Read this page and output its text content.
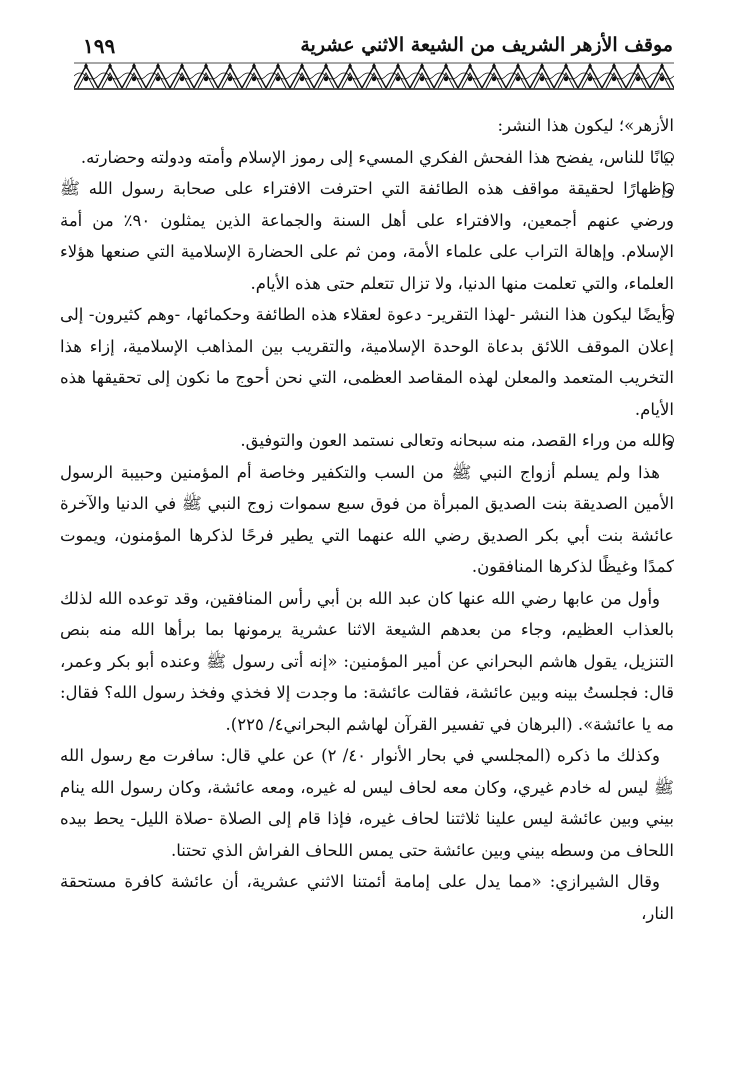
موقف الأزهر الشريف من الشيعة الاثني عشرية
١٩٩

الأزهر»؛ ليكون هذا النشر:

بيانًا للناس، يفضح هذا الفحش الفكري المسيء إلى رموز الإسلام وأمته ودولته وحضارته.

وإظهارًا لحقيقة مواقف هذه الطائفة التي احترفت الافتراء على صحابة رسول الله ﷺ ورضي عنهم أجمعين، والافتراء على أهل السنة والجماعة الذين يمثلون ٩٠٪ من أمة الإسلام. وإهالة التراب على علماء الأمة، ومن ثم على الحضارة الإسلامية التي صنعها هؤلاء العلماء، والتي تعلمت منها الدنيا، ولا تزال تتعلم حتى هذه الأيام.

وأيضًا ليكون هذا النشر -لهذا التقرير- دعوة لعقلاء هذه الطائفة وحكمائها، -وهم كثيرون- إلى إعلان الموقف اللائق بدعاة الوحدة الإسلامية، والتقريب بين المذاهب الإسلامية، إزاء هذا التخريب المتعمد والمعلن لهذه المقاصد العظمى، التي نحن أحوج ما نكون إلى تحقيقها هذه الأيام.

والله من وراء القصد، منه سبحانه وتعالى نستمد العون والتوفيق.

هذا ولم يسلم أزواج النبي ﷺ من السب والتكفير وخاصة أم المؤمنين وحبيبة الرسول الأمين الصديقة بنت الصديق المبرأة من فوق سبع سموات زوج النبي ﷺ في الدنيا والآخرة عائشة بنت أبي بكر الصديق رضي الله عنهما التي يطير فرحًا لذكرها المؤمنون، ويموت كمدًا وغيظًا لذكرها المنافقون.

وأول من عابها رضي الله عنها كان عبد الله بن أبي رأس المنافقين، وقد توعده الله لذلك بالعذاب العظيم، وجاء من بعدهم الشيعة الاثنا عشرية يرمونها بما برأها الله منه بنص التنزيل، يقول هاشم البحراني عن أمير المؤمنين: «إنه أتى رسول ﷺ وعنده أبو بكر وعمر، قال: فجلستُ بينه وبين عائشة، فقالت عائشة: ما وجدت إلا فخذي وفخذ رسول الله؟ فقال: مه يا عائشة». (البرهان في تفسير القرآن لهاشم البحراني٤/ ٢٢٥).

وكذلك ما ذكره (المجلسي في بحار الأنوار ٤٠/ ٢) عن علي قال: سافرت مع رسول الله ﷺ ليس له خادم غيري، وكان معه لحاف ليس له غيره، ومعه عائشة، وكان رسول الله ينام بيني وبين عائشة ليس علينا ثلاثتنا لحاف غيره، فإذا قام إلى الصلاة -صلاة الليل- يحط بيده اللحاف من وسطه بيني وبين عائشة حتى يمس اللحاف الفراش الذي تحتنا.

وقال الشيرازي: «مما يدل على إمامة أئمتنا الاثني عشرية، أن عائشة كافرة مستحقة النار،
